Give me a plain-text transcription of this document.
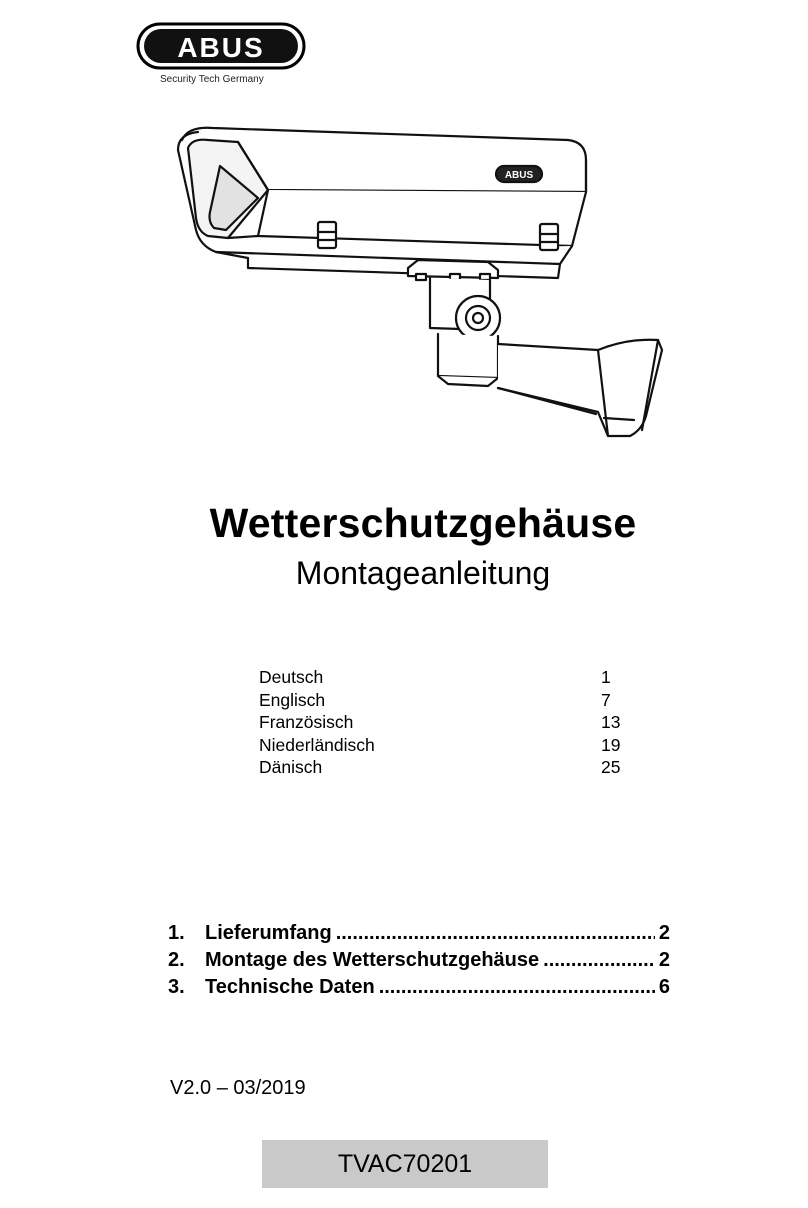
ABUS
Security Tech Germany
ABUS
Wetterschutzgehäuse
Montageanleitung
Deutsch	1
Englisch	7
Französisch	13
Niederländisch	19
Dänisch	25
1.	Lieferumfang .....	2
2.	Montage des Wetterschutzgehäuse .....	2
3.	Technische Daten .....	6
V2.0 – 03/2019
TVAC70201
